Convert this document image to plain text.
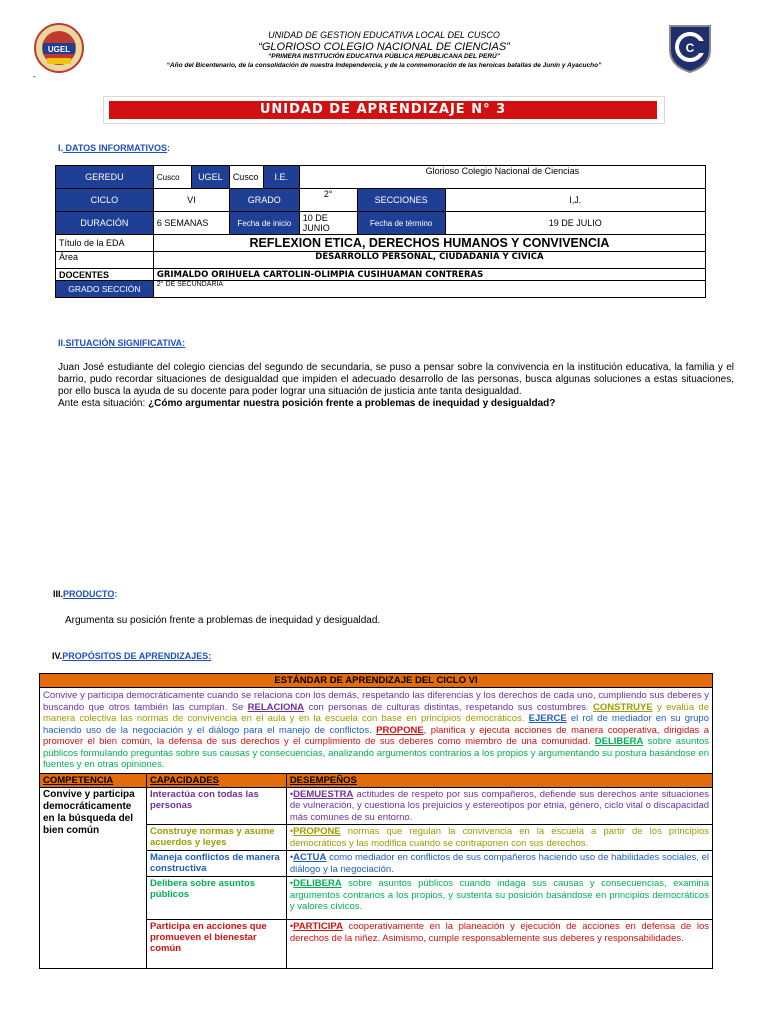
UGEL
UNIDAD DE GESTION EDUCATIVA LOCAL DEL CUSCO
“GLORIOSO COLEGIO NACIONAL DE CIENCIAS”
“PRIMERA INSTITUCIÓN EDUCATIVA PÚBLICA REPUBLICANA DEL PERÚ”
“Año del Bicentenario, de la consolidación de nuestra Independencia, y de la conmemoración de las heroicas batallas de Junín y Ayacucho”
C
-
UNIDAD DE APRENDIZAJE N° 3
I. DATOS INFORMATIVOS:
GEREDU	Cusco	UGEL	Cusco	I.E.	Glorioso Colegio Nacional de Ciencias		
CICLO	VI		GRADO		2°	SECCIONES	I,J.
DURACIÓN	6 SEMANAS		Fecha de inicio		10 DE JUNIO	Fecha de término	19 DE JULIO
Título de la EDA	REFLEXION ETICA, DERECHOS HUMANOS Y CONVIVENCIA						
Área	DESARROLLO PERSONAL, CIUDADANIA Y CIVICA						
DOCENTES	GRIMALDO ORIHUELA CARTOLIN-OLIMPIA CUSIHUAMAN CONTRERAS						
GRADO SECCIÓN	2° DE SECUNDARIA						
II.SITUACIÓN SIGNIFICATIVA:
Juan José estudiante del colegio ciencias del segundo de secundaria, se puso a pensar sobre la convivencia en la institución educativa, la familia y el barrio, pudo recordar situaciones de desigualdad que impiden el adecuado desarrollo de las personas, busca algunas soluciones a estas situaciones, por ello busca la ayuda de su docente para poder lograr una situación de justicia ante tanta desigualdad.
Ante esta situación: ¿Cómo argumentar nuestra posición frente a problemas de inequidad y desigualdad?
III.PRODUCTO:
Argumenta su posición frente a problemas de inequidad y desigualdad.
IV.PROPÓSITOS DE APRENDIZAJES:
ESTÁNDAR DE APRENDIZAJE DEL CICLO VI		
Convive y participa democráticamente cuando se relaciona con los demás, respetando las diferencias y los derechos de cada uno, cumpliendo sus deberes y buscando que otros también las cumplan. Se RELACIONA con personas de culturas distintas, respetando sus costumbres. CONSTRUYE y evalúa de manera colectiva las normas de convivencia en el aula y en la escuela con base en principios democráticos. EJERCE el rol de mediador en su grupo haciendo uso de la negociación y el diálogo para el manejo de conflictos. PROPONE, planifica y ejecuta acciones de manera cooperativa, dirigidas a promover el bien común, la defensa de sus derechos y el cumplimiento de sus deberes como miembro de una comunidad. DELIBERA sobre asuntos públicos formulando preguntas sobre sus causas y consecuencias, analizando argumentos contrarios a los propios y argumentando su postura basándose en fuentes y en otras opiniones.		
COMPETENCIA	CAPACIDADES	DESEMPEÑOS
Convive y participa democráticamente en la búsqueda del bien común	Interactúa con todas las personas	•DEMUESTRA actitudes de respeto por sus compañeros, defiende sus derechos ante situaciones de vulneración, y cuestiona los prejuicios y estereotipos por etnia, género, ciclo vital o discapacidad más comunes de su entorno.
	Construye normas y asume acuerdos y leyes	•PROPONE normas que regulan la convivencia en la escuela a partir de los principios democráticos y las modifica cuando se contraponen con sus derechos.
	Maneja conflictos de manera constructiva	•ACTUA como mediador en conflictos de sus compañeros haciendo uso de habilidades sociales, el diálogo y la negociación.
	Delibera sobre asuntos públicos	•DELIBERA sobre asuntos públicos cuando indaga sus causas y consecuencias, examina argumentos contrarios a los propios, y sustenta su posición basándose en principios democráticos y valores cívicos.
	Participa en acciones que promueven el bienestar común	•PARTICIPA cooperativamente en la planeación y ejecución de acciones en defensa de los derechos de la niñez. Asimismo, cumple responsablemente sus deberes y responsabilidades.
